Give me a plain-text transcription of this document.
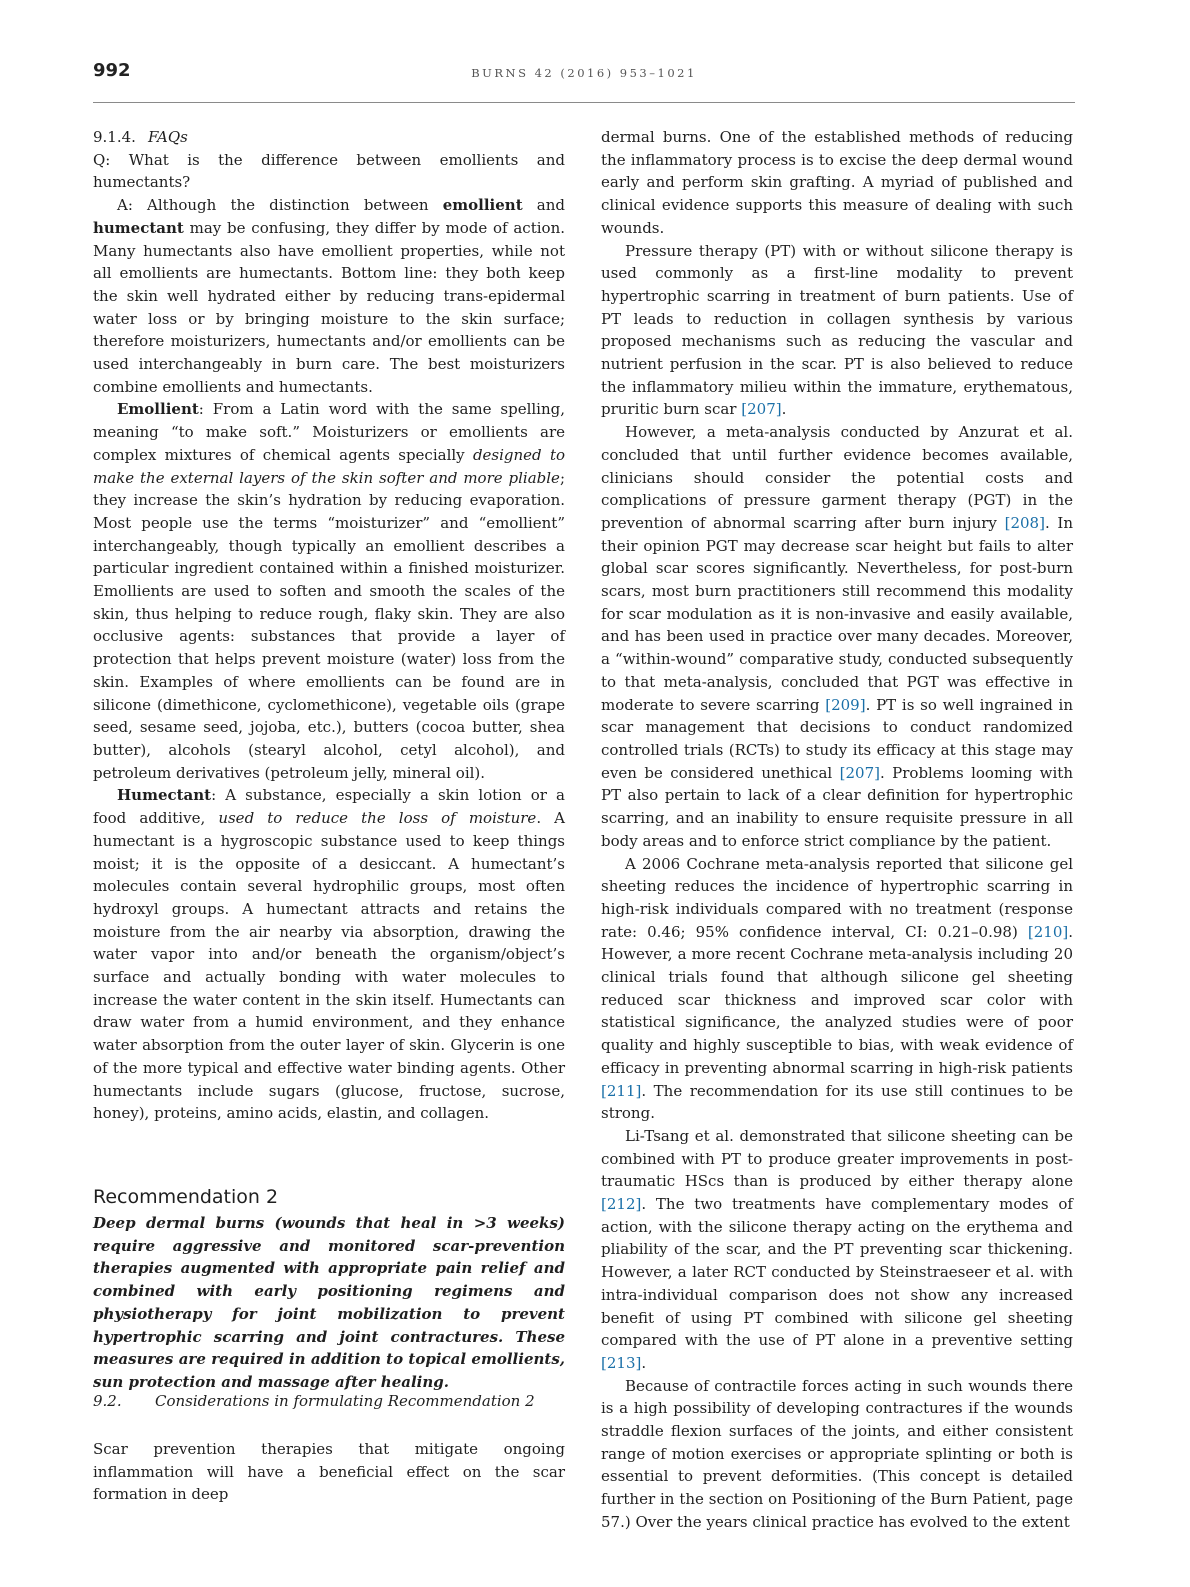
992	BURNS 42 (2016) 953–1021

9.1.4. FAQs

Q: What is the difference between emollients and humectants?

A: Although the distinction between emollient and humectant may be confusing, they differ by mode of action. Many humectants also have emollient properties, while not all emollients are humectants. Bottom line: they both keep the skin well hydrated either by reducing trans-epidermal water loss or by bringing moisture to the skin surface; therefore moisturizers, humectants and/or emollients can be used interchangeably in burn care. The best moisturizers combine emollients and humectants.

Emollient: From a Latin word with the same spelling, meaning “to make soft.” Moisturizers or emollients are complex mixtures of chemical agents specially designed to make the external layers of the skin softer and more pliable; they increase the skin’s hydration by reducing evaporation. Most people use the terms “moisturizer” and “emollient” interchangeably, though typically an emollient describes a particular ingredient contained within a finished moisturizer. Emollients are used to soften and smooth the scales of the skin, thus helping to reduce rough, flaky skin. They are also occlusive agents: substances that provide a layer of protection that helps prevent moisture (water) loss from the skin. Examples of where emollients can be found are in silicone (dimethicone, cyclomethicone), vegetable oils (grape seed, sesame seed, jojoba, etc.), butters (cocoa butter, shea butter), alcohols (stearyl alcohol, cetyl alcohol), and petroleum derivatives (petroleum jelly, mineral oil).

Humectant: A substance, especially a skin lotion or a food additive, used to reduce the loss of moisture. A humectant is a hygroscopic substance used to keep things moist; it is the opposite of a desiccant. A humectant’s molecules contain several hydrophilic groups, most often hydroxyl groups. A humectant attracts and retains the moisture from the air nearby via absorption, drawing the water vapor into and/or beneath the organism/object’s surface and actually bonding with water molecules to increase the water content in the skin itself. Humectants can draw water from a humid environment, and they enhance water absorption from the outer layer of skin. Glycerin is one of the more typical and effective water binding agents. Other humectants include sugars (glucose, fructose, sucrose, honey), proteins, amino acids, elastin, and collagen.

Recommendation 2

Deep dermal burns (wounds that heal in >3 weeks) require aggressive and monitored scar-prevention therapies augmented with appropriate pain relief and combined with early positioning regimens and physiotherapy for joint mobilization to prevent hypertrophic scarring and joint contractures. These measures are required in addition to topical emollients, sun protection and massage after healing.

9.2. Considerations in formulating Recommendation 2

Scar prevention therapies that mitigate ongoing inflammation will have a beneficial effect on the scar formation in deep

dermal burns. One of the established methods of reducing the inflammatory process is to excise the deep dermal wound early and perform skin grafting. A myriad of published and clinical evidence supports this measure of dealing with such wounds.

Pressure therapy (PT) with or without silicone therapy is used commonly as a first-line modality to prevent hypertrophic scarring in treatment of burn patients. Use of PT leads to reduction in collagen synthesis by various proposed mechanisms such as reducing the vascular and nutrient perfusion in the scar. PT is also believed to reduce the inflammatory milieu within the immature, erythematous, pruritic burn scar [207].

However, a meta-analysis conducted by Anzurat et al. concluded that until further evidence becomes available, clinicians should consider the potential costs and complications of pressure garment therapy (PGT) in the prevention of abnormal scarring after burn injury [208]. In their opinion PGT may decrease scar height but fails to alter global scar scores significantly. Nevertheless, for post-burn scars, most burn practitioners still recommend this modality for scar modulation as it is non-invasive and easily available, and has been used in practice over many decades. Moreover, a “within-wound” comparative study, conducted subsequently to that meta-analysis, concluded that PGT was effective in moderate to severe scarring [209]. PT is so well ingrained in scar management that decisions to conduct randomized controlled trials (RCTs) to study its efficacy at this stage may even be considered unethical [207]. Problems looming with PT also pertain to lack of a clear definition for hypertrophic scarring, and an inability to ensure requisite pressure in all body areas and to enforce strict compliance by the patient.

A 2006 Cochrane meta-analysis reported that silicone gel sheeting reduces the incidence of hypertrophic scarring in high-risk individuals compared with no treatment (response rate: 0.46; 95% confidence interval, CI: 0.21–0.98) [210]. However, a more recent Cochrane meta-analysis including 20 clinical trials found that although silicone gel sheeting reduced scar thickness and improved scar color with statistical significance, the analyzed studies were of poor quality and highly susceptible to bias, with weak evidence of efficacy in preventing abnormal scarring in high-risk patients [211]. The recommendation for its use still continues to be strong.

Li-Tsang et al. demonstrated that silicone sheeting can be combined with PT to produce greater improvements in post-traumatic HScs than is produced by either therapy alone [212]. The two treatments have complementary modes of action, with the silicone therapy acting on the erythema and pliability of the scar, and the PT preventing scar thickening. However, a later RCT conducted by Steinstraeseer et al. with intra-individual comparison does not show any increased benefit of using PT combined with silicone gel sheeting compared with the use of PT alone in a preventive setting [213].

Because of contractile forces acting in such wounds there is a high possibility of developing contractures if the wounds straddle flexion surfaces of the joints, and either consistent range of motion exercises or appropriate splinting or both is essential to prevent deformities. (This concept is detailed further in the section on Positioning of the Burn Patient, page 57.) Over the years clinical practice has evolved to the extent
